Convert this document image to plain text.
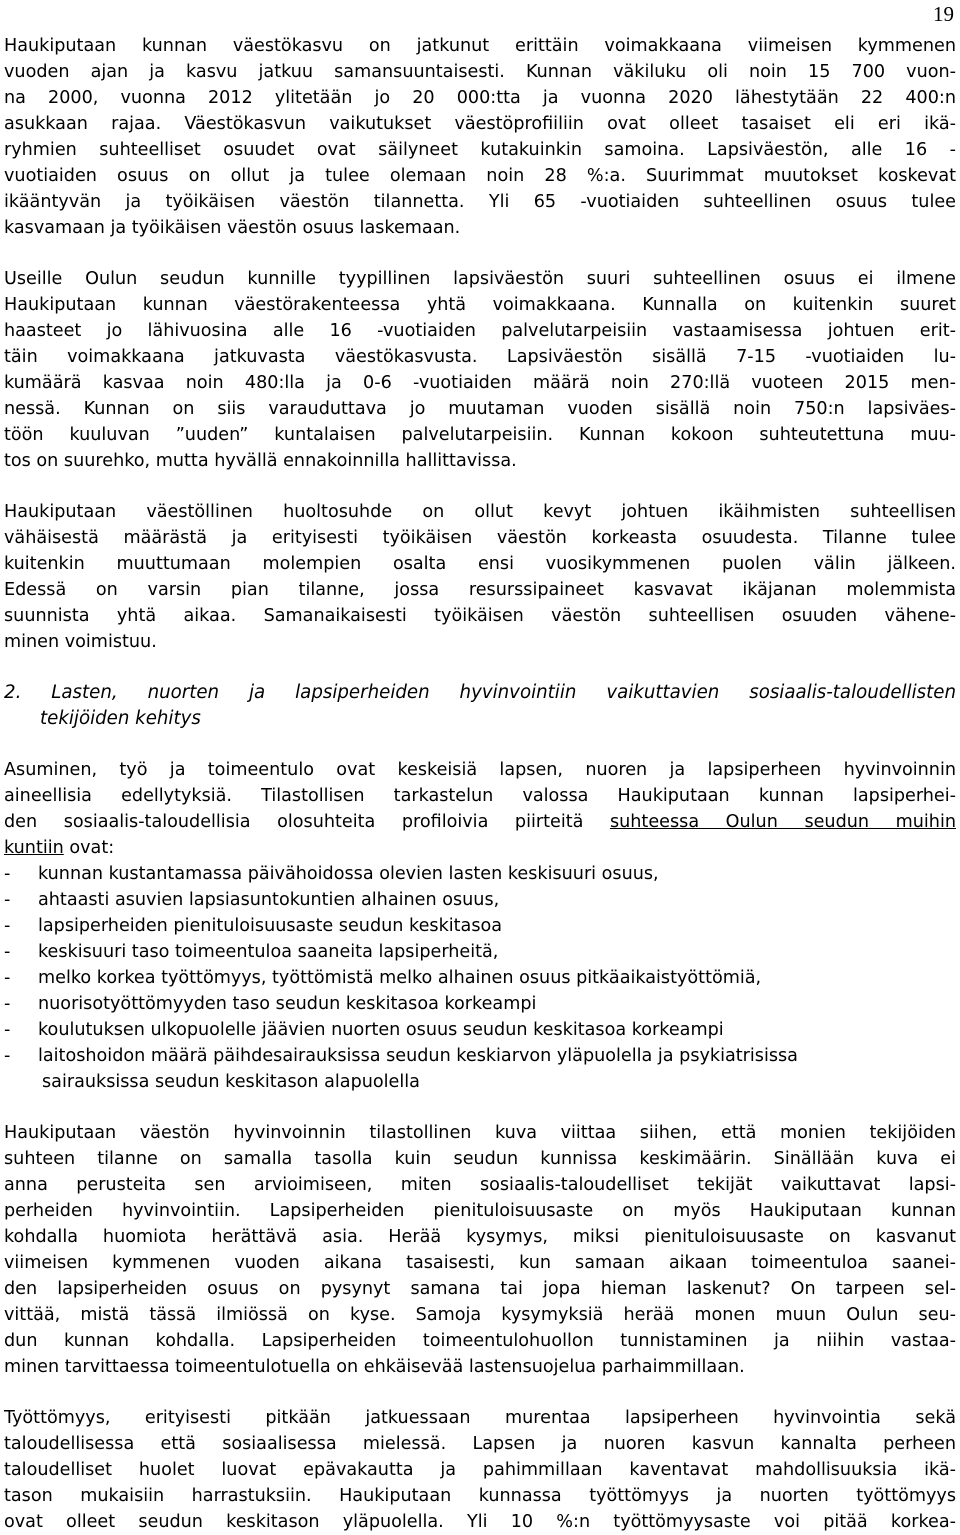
19
Haukiputaan kunnan väestökasvu on jatkunut erittäin voimakkaana viimeisen kymmenen
vuoden ajan ja kasvu jatkuu samansuuntaisesti. Kunnan väkiluku oli noin 15 700 vuon-
na 2000, vuonna 2012 ylitetään jo 20 000:tta ja vuonna 2020 lähestytään 22 400:n
asukkaan rajaa. Väestökasvun vaikutukset väestöprofiiliin ovat olleet tasaiset eli eri ikä-
ryhmien suhteelliset osuudet ovat säilyneet kutakuinkin samoina. Lapsiväestön, alle 16 -
vuotiaiden osuus on ollut ja tulee olemaan noin 28 %:a. Suurimmat muutokset koskevat
ikääntyvän ja työikäisen väestön tilannetta. Yli 65 -vuotiaiden suhteellinen osuus tulee
kasvamaan ja työikäisen väestön osuus laskemaan.
Useille Oulun seudun kunnille tyypillinen lapsiväestön suuri suhteellinen osuus ei ilmene
Haukiputaan kunnan väestörakenteessa yhtä voimakkaana. Kunnalla on kuitenkin suuret
haasteet jo lähivuosina alle 16 -vuotiaiden palvelutarpeisiin vastaamisessa johtuen erit-
täin voimakkaana jatkuvasta väestökasvusta. Lapsiväestön sisällä 7-15 -vuotiaiden lu-
kumäärä kasvaa noin 480:lla ja 0-6 -vuotiaiden määrä noin 270:llä vuoteen 2015 men-
nessä. Kunnan on siis varauduttava jo muutaman vuoden sisällä noin 750:n lapsiväes-
töön kuuluvan ”uuden” kuntalaisen palvelutarpeisiin. Kunnan kokoon suhteutettuna muu-
tos on suurehko, mutta hyvällä ennakoinnilla hallittavissa.
Haukiputaan väestöllinen huoltosuhde on ollut kevyt johtuen ikäihmisten suhteellisen
vähäisestä määrästä ja erityisesti työikäisen väestön korkeasta osuudesta. Tilanne tulee
kuitenkin muuttumaan molempien osalta ensi vuosikymmenen puolen välin jälkeen.
Edessä on varsin pian tilanne, jossa resurssipaineet kasvavat ikäjanan molemmista
suunnista yhtä aikaa. Samanaikaisesti työikäisen väestön suhteellisen osuuden vähene-
minen voimistuu.
2. Lasten, nuorten ja lapsiperheiden hyvinvointiin vaikuttavien sosiaalis-taloudellisten
tekijöiden kehitys
Asuminen, työ ja toimeentulo ovat keskeisiä lapsen, nuoren ja lapsiperheen hyvinvoinnin
aineellisia edellytyksiä. Tilastollisen tarkastelun valossa Haukiputaan kunnan lapsiperhei-
den sosiaalis-taloudellisia olosuhteita profiloivia piirteitä suhteessa Oulun seudun muihin
kuntiin ovat:
- kunnan kustantamassa päivähoidossa olevien lasten keskisuuri osuus,
- ahtaasti asuvien lapsiasuntokuntien alhainen osuus,
- lapsiperheiden pienituloisuusaste seudun keskitasoa
- keskisuuri taso toimeentuloa saaneita lapsiperheitä,
- melko korkea työttömyys, työttömistä melko alhainen osuus pitkäaikaistyöttömiä,
- nuorisotyöttömyyden taso seudun keskitasoa korkeampi
- koulutuksen ulkopuolelle jäävien nuorten osuus seudun keskitasoa korkeampi
- laitoshoidon määrä päihdesairauksissa seudun keskiarvon yläpuolella ja psykiatrisissa
sairauksissa seudun keskitason alapuolella
Haukiputaan väestön hyvinvoinnin tilastollinen kuva viittaa siihen, että monien tekijöiden
suhteen tilanne on samalla tasolla kuin seudun kunnissa keskimäärin. Sinällään kuva ei
anna perusteita sen arvioimiseen, miten sosiaalis-taloudelliset tekijät vaikuttavat lapsi-
perheiden hyvinvointiin. Lapsiperheiden pienituloisuusaste on myös Haukiputaan kunnan
kohdalla huomiota herättävä asia. Herää kysymys, miksi pienituloisuusaste on kasvanut
viimeisen kymmenen vuoden aikana tasaisesti, kun samaan aikaan toimeentuloa saanei-
den lapsiperheiden osuus on pysynyt samana tai jopa hieman laskenut? On tarpeen sel-
vittää, mistä tässä ilmiössä on kyse. Samoja kysymyksiä herää monen muun Oulun seu-
dun kunnan kohdalla. Lapsiperheiden toimeentulohuollon tunnistaminen ja niihin vastaa-
minen tarvittaessa toimeentulotuella on ehkäisevää lastensuojelua parhaimmillaan.
Työttömyys, erityisesti pitkään jatkuessaan murentaa lapsiperheen hyvinvointia sekä
taloudellisessa että sosiaalisessa mielessä. Lapsen ja nuoren kasvun kannalta perheen
taloudelliset huolet luovat epävakautta ja pahimmillaan kaventavat mahdollisuuksia ikä-
tason mukaisiin harrastuksiin. Haukiputaan kunnassa työttömyys ja nuorten työttömyys
ovat olleet seudun keskitason yläpuolella. Yli 10 %:n työttömyysaste voi pitää korkea-
